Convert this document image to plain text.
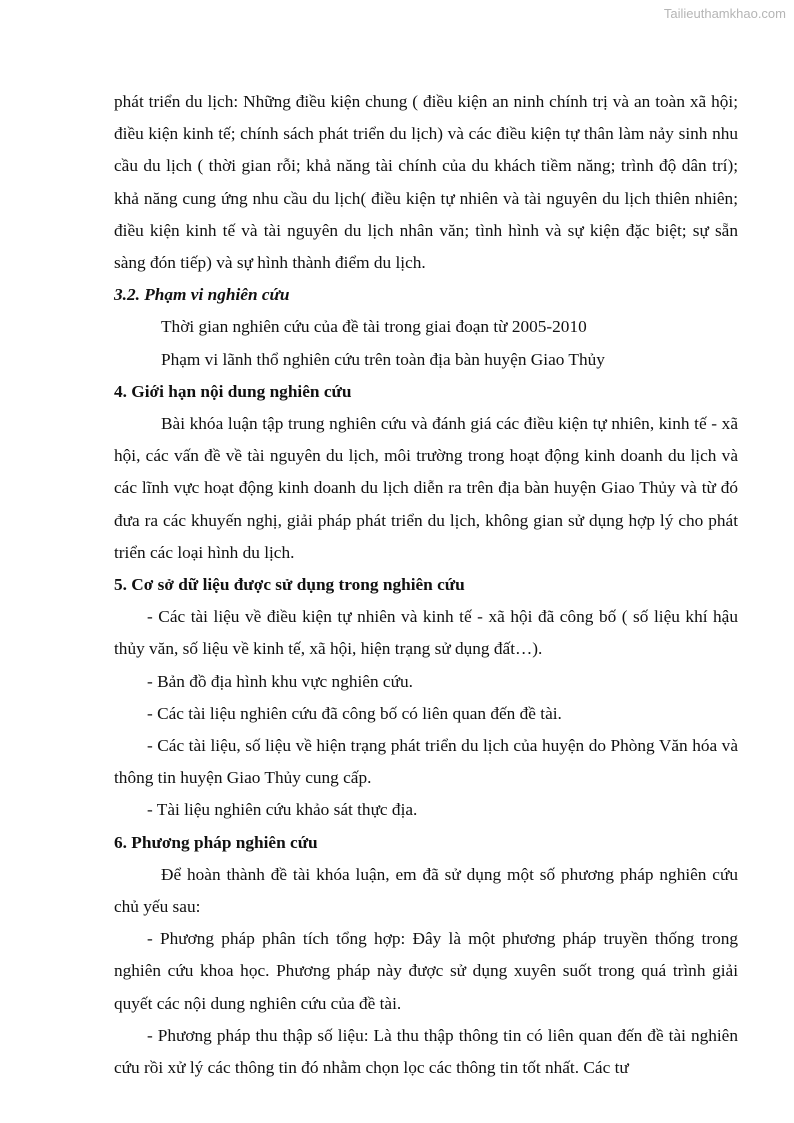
Tailieuthamkhao.com

phát triển du lịch: Những điều kiện chung ( điều kiện an ninh chính trị và an toàn xã hội; điều kiện kinh tế; chính sách phát triển du lịch) và các điều kiện tự thân làm nảy sinh nhu cầu du lịch ( thời gian rỗi; khả năng tài chính của du khách tiềm năng; trình độ dân trí); khả năng cung ứng nhu cầu du lịch( điều kiện tự nhiên và tài nguyên du lịch thiên nhiên; điều kiện kinh tế và tài nguyên du lịch nhân văn; tình hình và sự kiện đặc biệt; sự sẵn sàng đón tiếp) và sự hình thành điểm du lịch.

3.2. Phạm vi nghiên cứu

Thời gian nghiên cứu của đề tài trong giai đoạn từ 2005-2010

Phạm vi lãnh thổ nghiên cứu trên toàn địa bàn huyện Giao Thủy

4. Giới hạn nội dung nghiên cứu

Bài khóa luận tập trung nghiên cứu và đánh giá các điều kiện tự nhiên, kinh tế - xã hội, các vấn đề về tài nguyên du lịch, môi trường trong hoạt động kinh doanh du lịch và các lĩnh vực hoạt động kinh doanh du lịch diễn ra trên địa bàn huyện Giao Thủy và từ đó đưa ra các khuyến nghị, giải pháp phát triển du lịch, không gian sử dụng hợp lý cho phát triển các loại hình du lịch.

5. Cơ sở dữ liệu được sử dụng trong nghiên cứu

- Các tài liệu về điều kiện tự nhiên và kinh tế - xã hội đã công bố ( số liệu khí hậu thủy văn, số liệu về kinh tế, xã hội, hiện trạng sử dụng đất…).

- Bản đồ địa hình khu vực nghiên cứu.

- Các tài liệu nghiên cứu đã công bố có liên quan đến đề tài.

- Các tài liệu, số liệu về hiện trạng phát triển du lịch của huyện do Phòng Văn hóa và thông tin huyện Giao Thủy cung cấp.

- Tài liệu nghiên cứu khảo sát thực địa.

6. Phương pháp nghiên cứu

Để hoàn thành đề tài khóa luận, em đã sử dụng một số phương pháp nghiên cứu chủ yếu sau:

- Phương pháp phân tích tổng hợp: Đây là một phương pháp truyền thống trong nghiên cứu khoa học. Phương pháp này được sử dụng xuyên suốt trong quá trình giải quyết các nội dung nghiên cứu của đề tài.

- Phương pháp thu thập số liệu: Là thu thập thông tin có liên quan đến đề tài nghiên cứu rồi xử lý các thông tin đó nhằm chọn lọc các thông tin tốt nhất. Các tư
